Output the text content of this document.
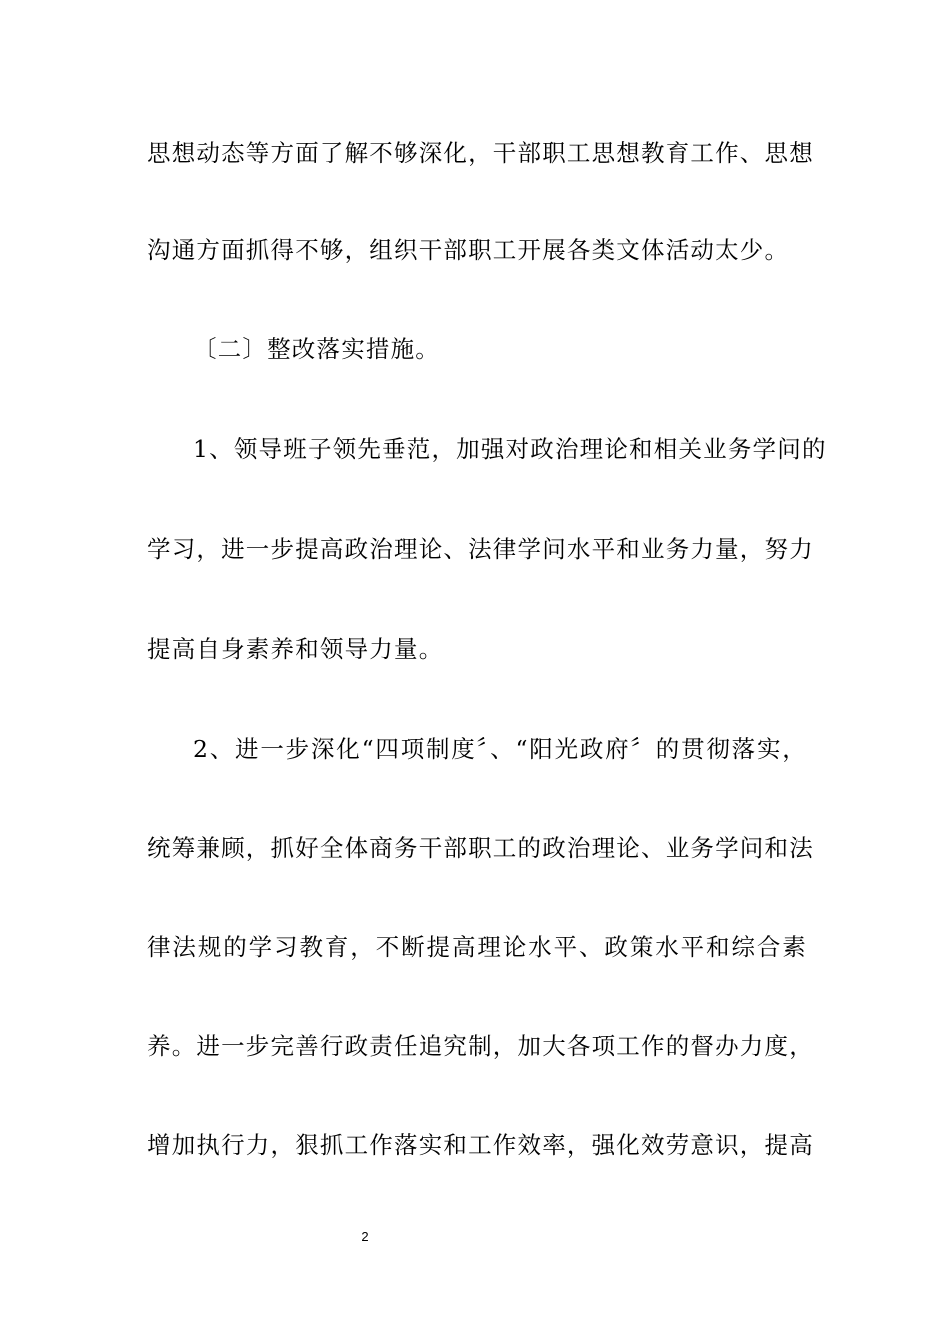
思想动态等方面了解不够深化，干部职工思想教育工作、思想
沟通方面抓得不够，组织干部职工开展各类文体活动太少。
〔二〕整改落实措施。
1、领导班子领先垂范，加强对政治理论和相关业务学问的
学习，进一步提高政治理论、法律学问水平和业务力量，努力
提高自身素养和领导力量。
2、进一步深化“四项制度〞、“阳光政府〞的贯彻落实，
统筹兼顾，抓好全体商务干部职工的政治理论、业务学问和法
律法规的学习教育，不断提高理论水平、政策水平和综合素
养。进一步完善行政责任追究制，加大各项工作的督办力度，
增加执行力，狠抓工作落实和工作效率，强化效劳意识，提高
2
